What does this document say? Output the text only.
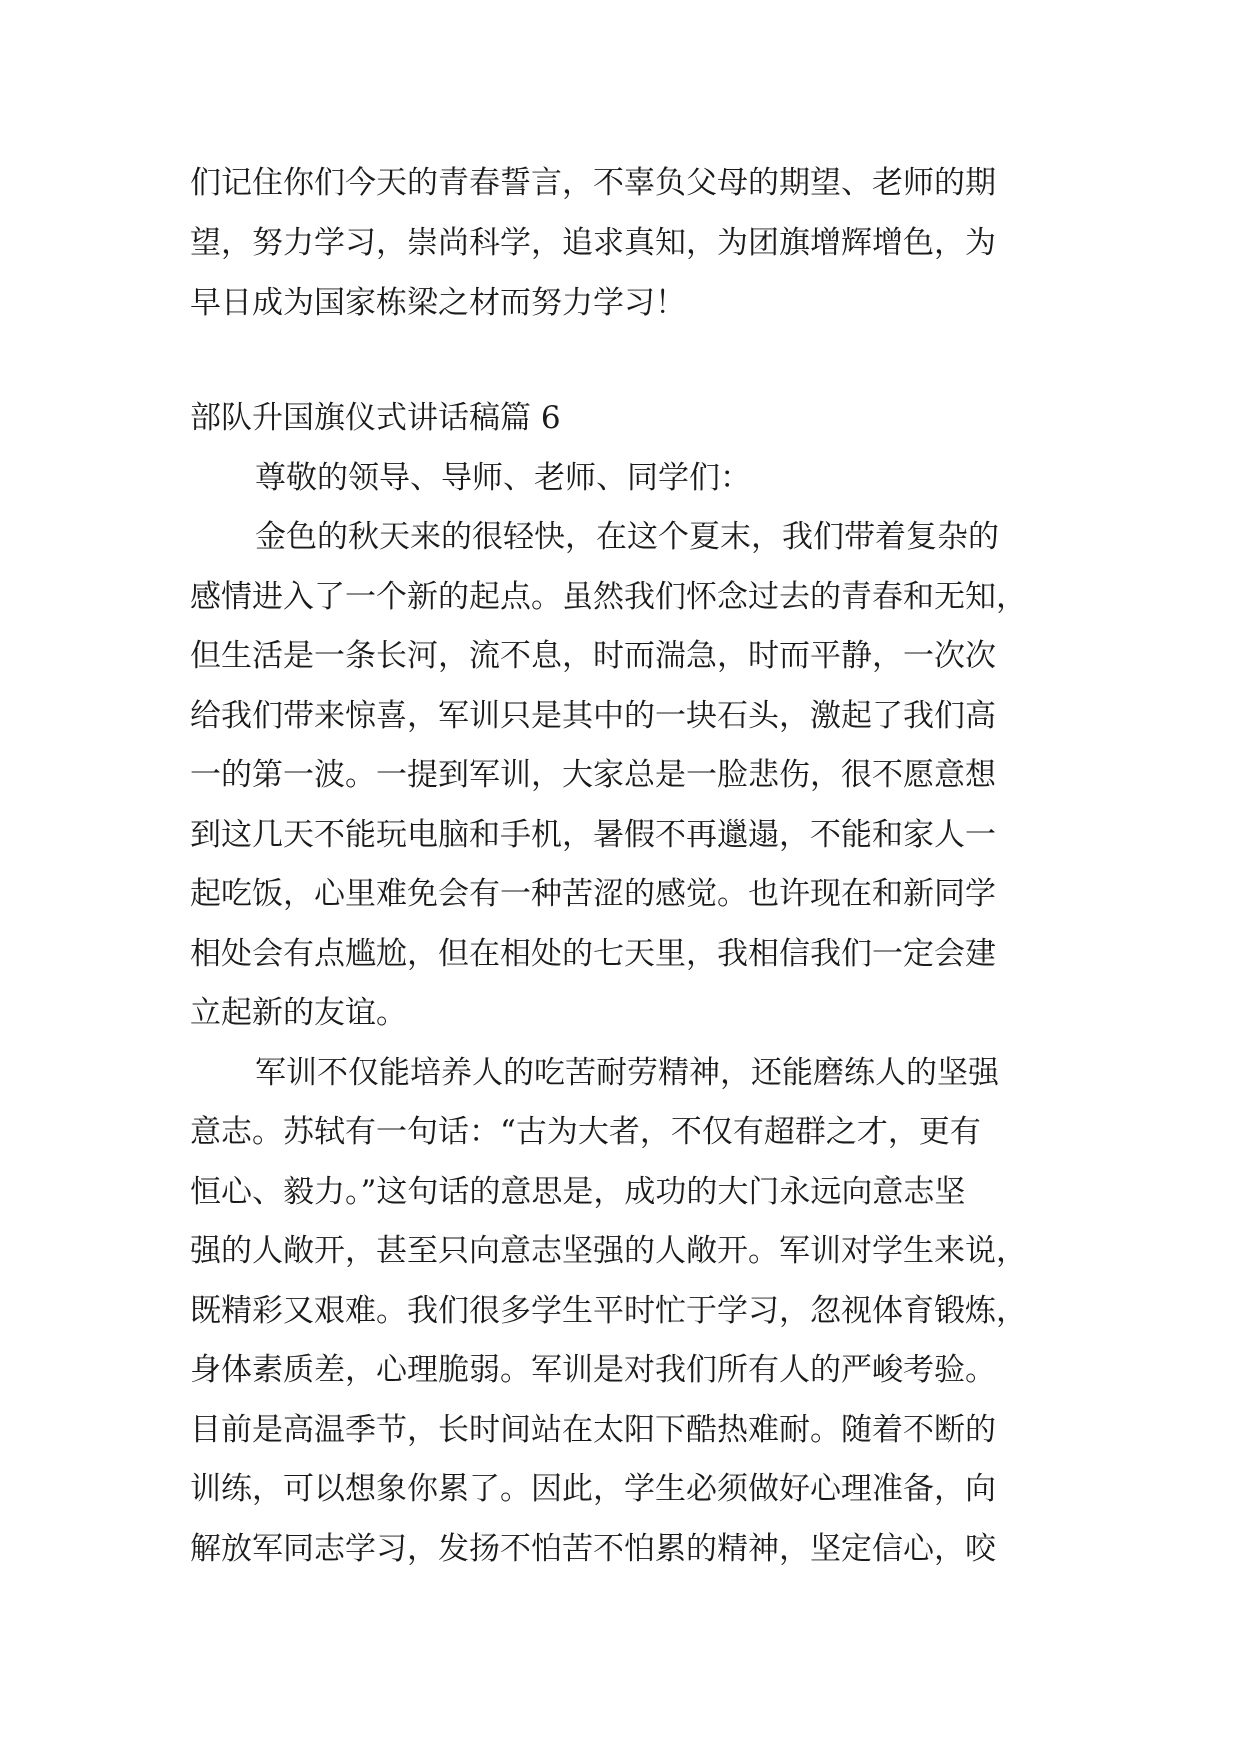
们记住你们今天的青春誓言，不辜负父母的期望、老师的期
望，努力学习，崇尚科学，追求真知，为团旗增辉增色，为
早日成为国家栋梁之材而努力学习！
部队升国旗仪式讲话稿篇 6
尊敬的领导、导师、老师、同学们：
金色的秋天来的很轻快，在这个夏末，我们带着复杂的
感情进入了一个新的起点。虽然我们怀念过去的青春和无知，
但生活是一条长河，流不息，时而湍急，时而平静，一次次
给我们带来惊喜，军训只是其中的一块石头，激起了我们高
一的第一波。一提到军训，大家总是一脸悲伤，很不愿意想
到这几天不能玩电脑和手机，暑假不再邋遢，不能和家人一
起吃饭，心里难免会有一种苦涩的感觉。也许现在和新同学
相处会有点尴尬，但在相处的七天里，我相信我们一定会建
立起新的友谊。
军训不仅能培养人的吃苦耐劳精神，还能磨练人的坚强
意志。苏轼有一句话：“古为大者，不仅有超群之才，更有
恒心、毅力。”这句话的意思是，成功的大门永远向意志坚
强的人敞开，甚至只向意志坚强的人敞开。军训对学生来说，
既精彩又艰难。我们很多学生平时忙于学习，忽视体育锻炼，
身体素质差，心理脆弱。军训是对我们所有人的严峻考验。
目前是高温季节，长时间站在太阳下酷热难耐。随着不断的
训练，可以想象你累了。因此，学生必须做好心理准备，向
解放军同志学习，发扬不怕苦不怕累的精神，坚定信心，咬
